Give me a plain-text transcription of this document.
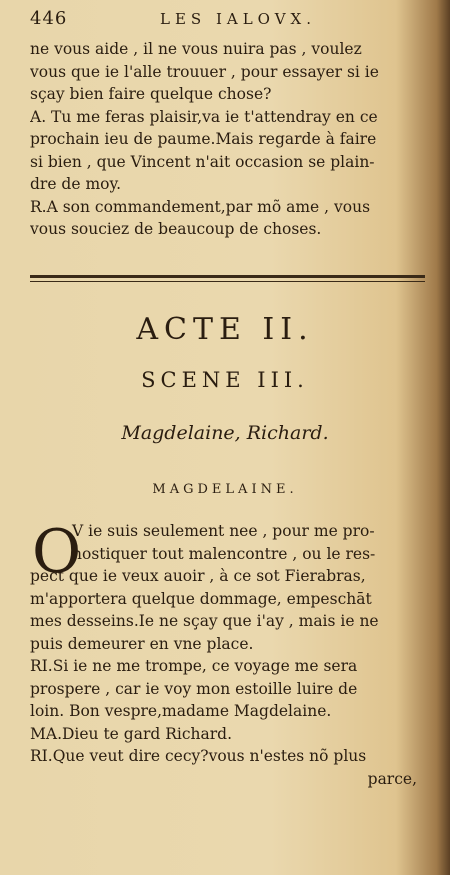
446	LES IALOVX.
ne vous aide , il ne vous nuira pas , voulez
vous que ie l'alle trouuer , pour essayer si ie
sçay bien faire quelque chose?
A. Tu me feras plaisir,va ie t'attendray en ce
prochain ieu de paume.Mais regarde à faire
si bien , que Vincent n'ait occasion se plain-
dre de moy.
R.A son commandement,par mõ ame , vous
vous souciez de beaucoup de choses.
ACTE II.
SCENE III.
Magdelaine, Richard.
MAGDELAINE.
O
V ie suis seulement nee , pour me pro-
nostiquer tout malencontre , ou le res-
pect que ie veux auoir , à ce sot Fierabras,
m'apportera quelque dommage, empeschāt
mes desseins.Ie ne sçay que i'ay , mais ie ne
puis demeurer en vne place.
RI.Si ie ne me trompe, ce voyage me sera
prospere , car ie voy mon estoille luire de
loin. Bon vespre,madame Magdelaine.
MA.Dieu te gard Richard.
RI.Que veut dire cecy?vous n'estes nõ plus
parce,
